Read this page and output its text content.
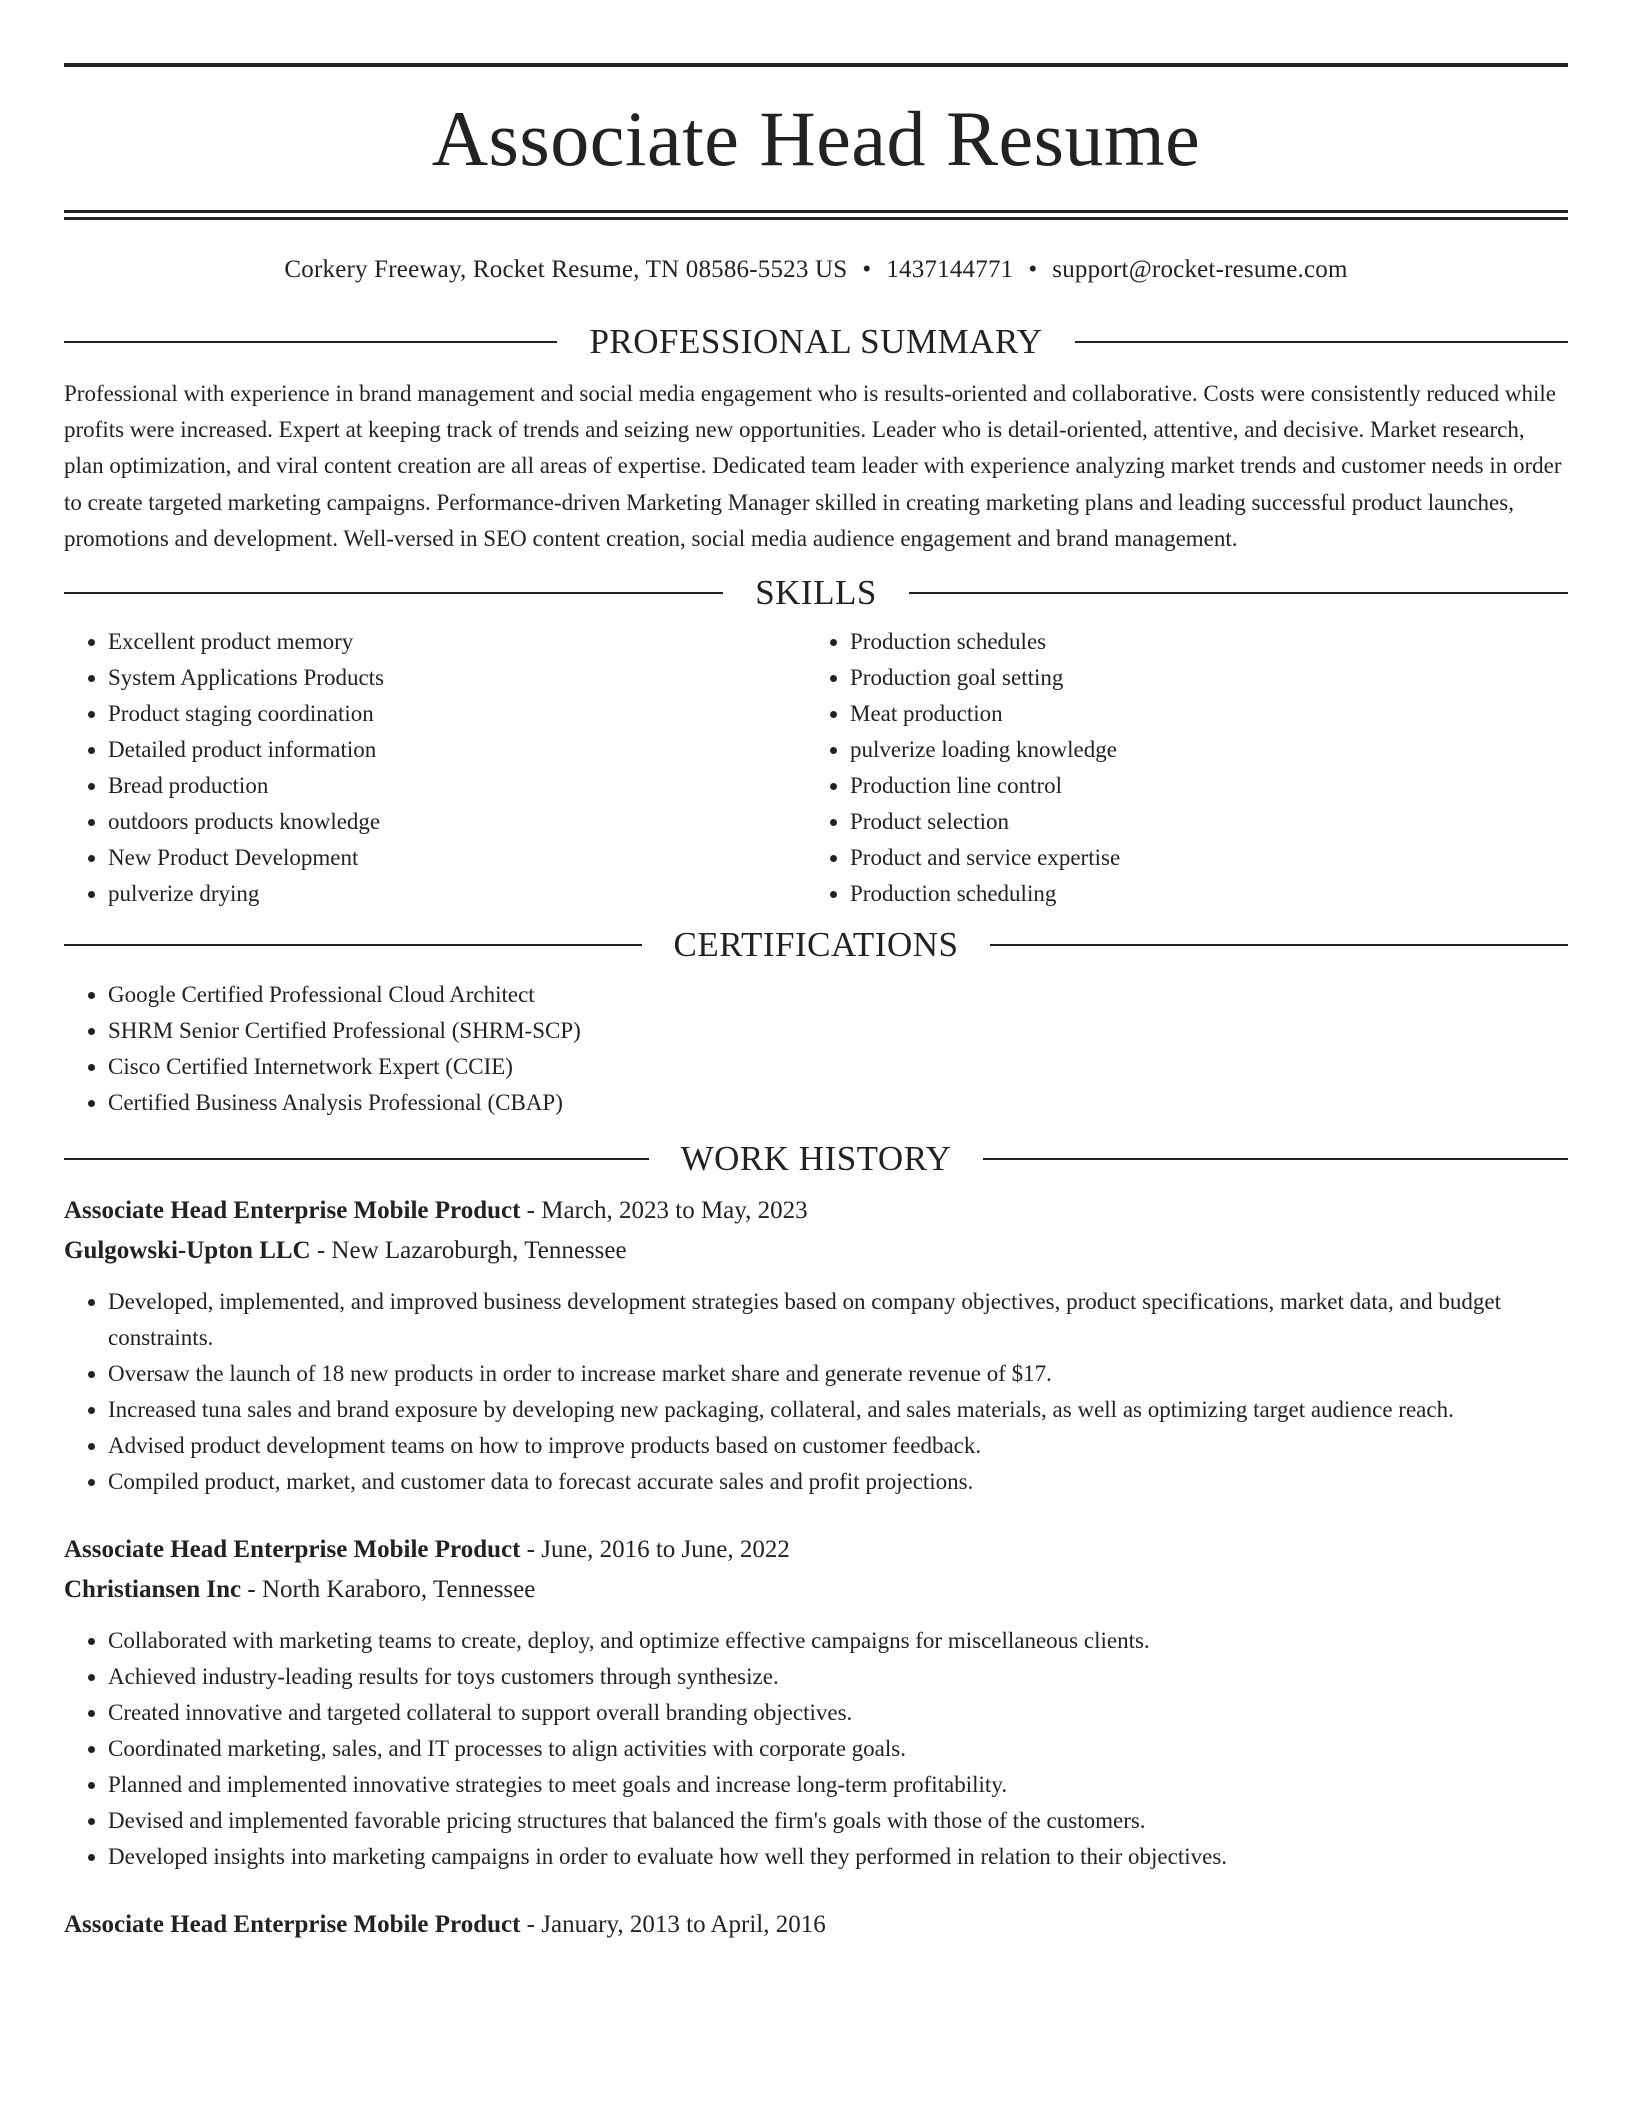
Associate Head Resume
Corkery Freeway, Rocket Resume, TN 08586-5523 US • 1437144771 • support@rocket-resume.com
PROFESSIONAL SUMMARY

Professional with experience in brand management and social media engagement who is results-oriented and collaborative. Costs were consistently reduced while profits were increased. Expert at keeping track of trends and seizing new opportunities. Leader who is detail-oriented, attentive, and decisive. Market research, plan optimization, and viral content creation are all areas of expertise. Dedicated team leader with experience analyzing market trends and customer needs in order to create targeted marketing campaigns. Performance-driven Marketing Manager skilled in creating marketing plans and leading successful product launches, promotions and development. Well-versed in SEO content creation, social media audience engagement and brand management.

SKILLS
• Excellent product memory
• System Applications Products
• Product staging coordination
• Detailed product information
• Bread production
• outdoors products knowledge
• New Product Development
• pulverize drying
• Production schedules
• Production goal setting
• Meat production
• pulverize loading knowledge
• Production line control
• Product selection
• Product and service expertise
• Production scheduling
CERTIFICATIONS
• Google Certified Professional Cloud Architect
• SHRM Senior Certified Professional (SHRM-SCP)
• Cisco Certified Internetwork Expert (CCIE)
• Certified Business Analysis Professional (CBAP)
WORK HISTORY
Associate Head Enterprise Mobile Product - March, 2023 to May, 2023
Gulgowski-Upton LLC - New Lazaroburgh, Tennessee
• Developed, implemented, and improved business development strategies based on company objectives, product specifications, market data, and budget constraints.
• Oversaw the launch of 18 new products in order to increase market share and generate revenue of $17.
• Increased tuna sales and brand exposure by developing new packaging, collateral, and sales materials, as well as optimizing target audience reach.
• Advised product development teams on how to improve products based on customer feedback.
• Compiled product, market, and customer data to forecast accurate sales and profit projections.
Associate Head Enterprise Mobile Product - June, 2016 to June, 2022
Christiansen Inc - North Karaboro, Tennessee
• Collaborated with marketing teams to create, deploy, and optimize effective campaigns for miscellaneous clients.
• Achieved industry-leading results for toys customers through synthesize.
• Created innovative and targeted collateral to support overall branding objectives.
• Coordinated marketing, sales, and IT processes to align activities with corporate goals.
• Planned and implemented innovative strategies to meet goals and increase long-term profitability.
• Devised and implemented favorable pricing structures that balanced the firm's goals with those of the customers.
• Developed insights into marketing campaigns in order to evaluate how well they performed in relation to their objectives.
Associate Head Enterprise Mobile Product - January, 2013 to April, 2016
